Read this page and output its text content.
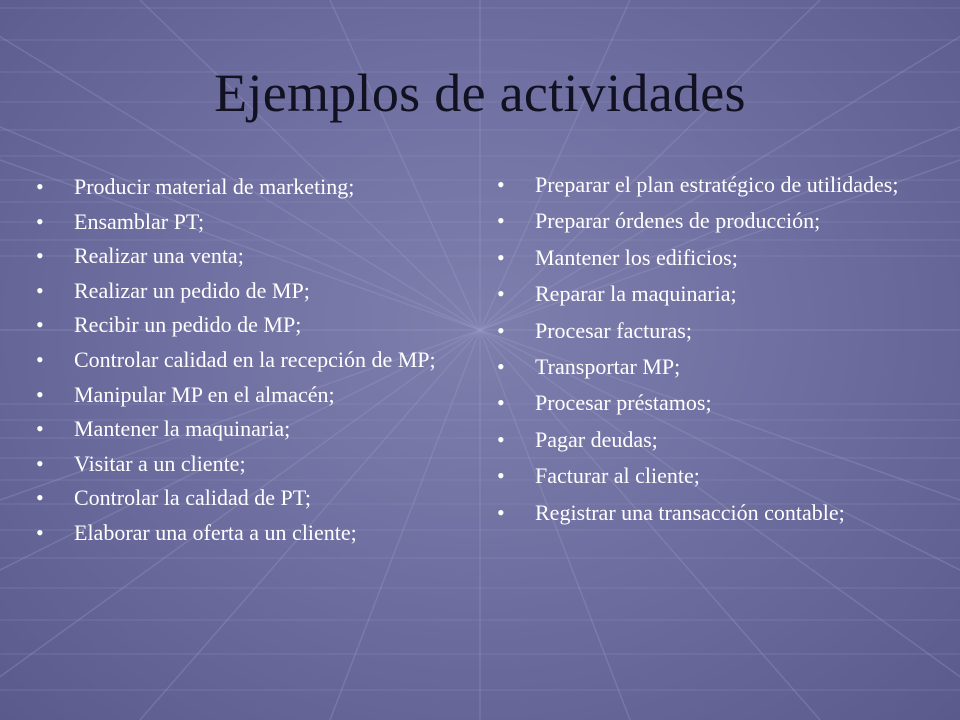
Ejemplos de actividades
• Producir material de marketing;
• Ensamblar PT;
• Realizar una venta;
• Realizar un pedido de MP;
• Recibir un pedido de MP;
• Controlar calidad en la recepción de MP;
• Manipular MP en el almacén;
• Mantener la maquinaria;
• Visitar a un cliente;
• Controlar la calidad de PT;
• Elaborar una oferta a un cliente;
• Preparar el plan estratégico de utilidades;
• Preparar órdenes de producción;
• Mantener los edificios;
• Reparar la maquinaria;
• Procesar facturas;
• Transportar MP;
• Procesar préstamos;
• Pagar deudas;
• Facturar al cliente;
• Registrar una transacción contable;
